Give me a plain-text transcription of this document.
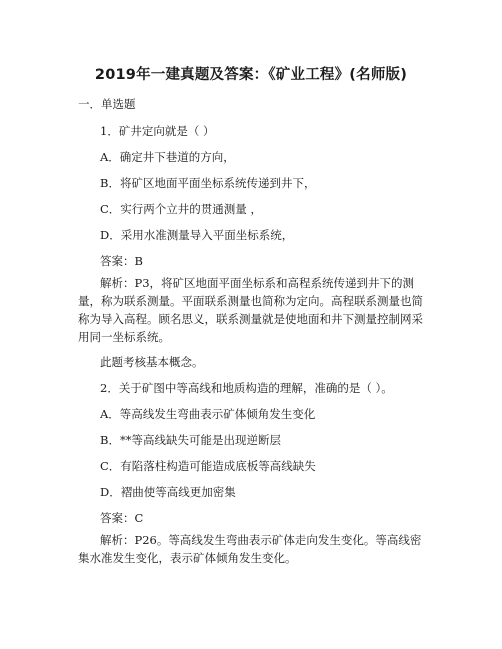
2019年一建真题及答案：《矿业工程》(名师版)
一．单选题
1．矿井定向就是（ ）
A．确定井下巷道的方向，
B．将矿区地面平面坐标系统传递到井下，
C．实行两个立井的贯通测量 ，
D．采用水准测量导入平面坐标系统，
答案：B
解析：P3，将矿区地面平面坐标系和高程系统传递到井下的测量，称为联系测量。平面联系测量也简称为定向。高程联系测量也简称为导入高程。顾名思义，联系测量就是使地面和井下测量控制网采用同一坐标系统。
此题考核基本概念。
2．关于矿图中等高线和地质构造的理解，准确的是（ ）。
A．等高线发生弯曲表示矿体倾角发生变化
B．**等高线缺失可能是出现逆断层
C．有陷落柱构造可能造成底板等高线缺失
D．褶曲使等高线更加密集
答案：C
解析：P26。等高线发生弯曲表示矿体走向发生变化。等高线密集水准发生变化，表示矿体倾角发生变化。
